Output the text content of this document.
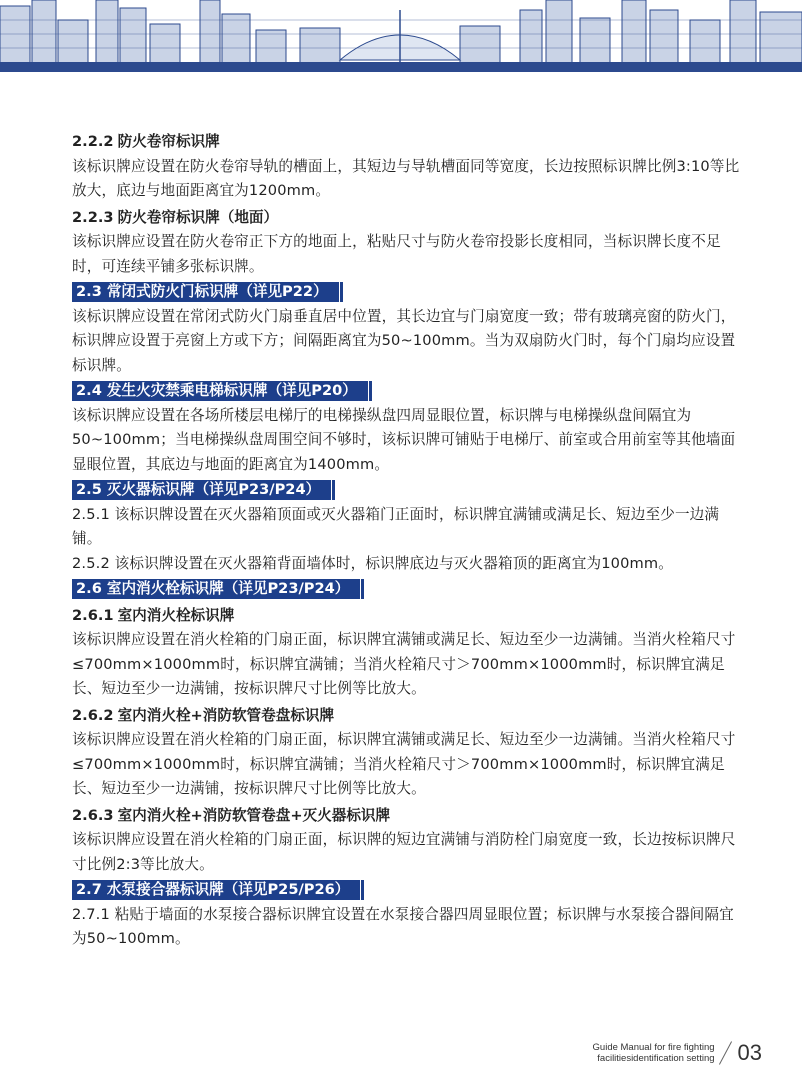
2.2.2 防火卷帘标识牌

该标识牌应设置在防火卷帘导轨的槽面上，其短边与导轨槽面同等宽度，长边按照标识牌比例3:10等比放大，底边与地面距离宜为1200mm。

2.2.3 防火卷帘标识牌（地面）

该标识牌应设置在防火卷帘正下方的地面上，粘贴尺寸与防火卷帘投影长度相同，当标识牌长度不足时，可连续平铺多张标识牌。

2.3 常闭式防火门标识牌（详见P22）

该标识牌应设置在常闭式防火门扇垂直居中位置，其长边宜与门扇宽度一致；带有玻璃亮窗的防火门，标识牌应设置于亮窗上方或下方；间隔距离宜为50~100mm。当为双扇防火门时，每个门扇均应设置标识牌。

2.4 发生火灾禁乘电梯标识牌（详见P20）

该标识牌应设置在各场所楼层电梯厅的电梯操纵盘四周显眼位置，标识牌与电梯操纵盘间隔宜为50~100mm；当电梯操纵盘周围空间不够时，该标识牌可铺贴于电梯厅、前室或合用前室等其他墙面显眼位置，其底边与地面的距离宜为1400mm。

2.5 灭火器标识牌（详见P23/P24）

2.5.1 该标识牌设置在灭火器箱顶面或灭火器箱门正面时，标识牌宜满铺或满足长、短边至少一边满铺。

2.5.2 该标识牌设置在灭火器箱背面墙体时，标识牌底边与灭火器箱顶的距离宜为100mm。

2.6 室内消火栓标识牌（详见P23/P24）
2.6.1 室内消火栓标识牌

该标识牌应设置在消火栓箱的门扇正面，标识牌宜满铺或满足长、短边至少一边满铺。当消火栓箱尺寸≤700mm×1000mm时，标识牌宜满铺；当消火栓箱尺寸＞700mm×1000mm时，标识牌宜满足长、短边至少一边满铺，按标识牌尺寸比例等比放大。

2.6.2 室内消火栓+消防软管卷盘标识牌

该标识牌应设置在消火栓箱的门扇正面，标识牌宜满铺或满足长、短边至少一边满铺。当消火栓箱尺寸≤700mm×1000mm时，标识牌宜满铺；当消火栓箱尺寸＞700mm×1000mm时，标识牌宜满足长、短边至少一边满铺，按标识牌尺寸比例等比放大。

2.6.3 室内消火栓+消防软管卷盘+灭火器标识牌

该标识牌应设置在消火栓箱的门扇正面，标识牌的短边宜满铺与消防栓门扇宽度一致，长边按标识牌尺寸比例2:3等比放大。

2.7 水泵接合器标识牌（详见P25/P26）

2.7.1 粘贴于墙面的水泵接合器标识牌宜设置在水泵接合器四周显眼位置；标识牌与水泵接合器间隔宜为50~100mm。

Guide Manual for fire fighting
facilitiesidentification setting 03
